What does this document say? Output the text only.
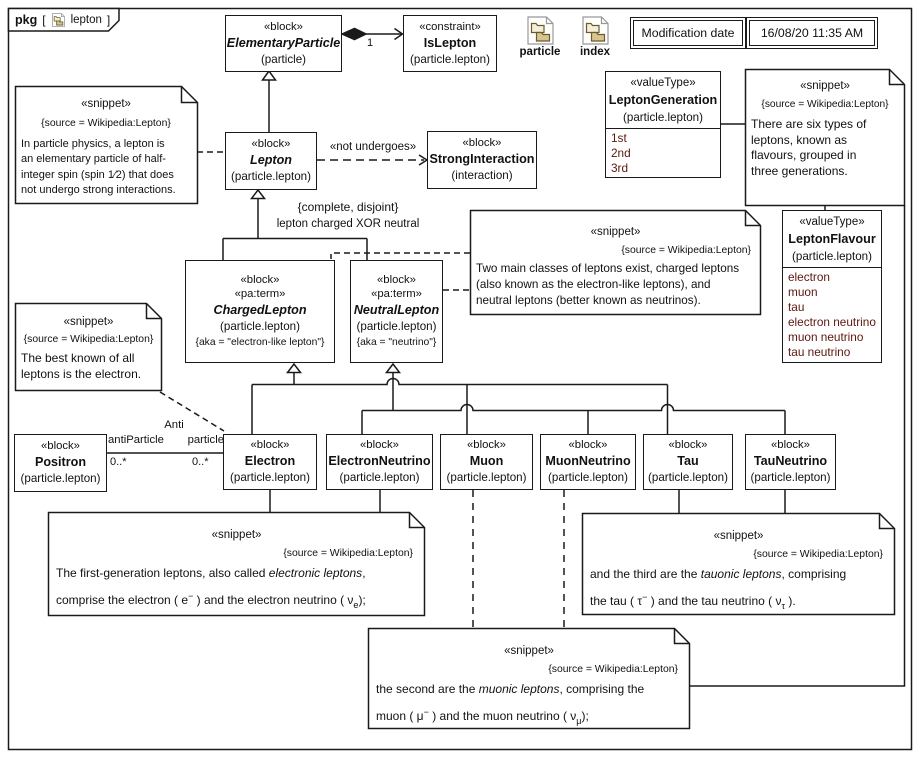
pkg [ lepton ]
particle	index
Modification date	16/08/20 11:35 AM
«block»
ElementaryParticle
(particle)
«constraint»
IsLepton
(particle.lepton)
«block»
Lepton
(particle.lepton)
«block»
StrongInteraction
(interaction)
«block»
«pa:term»
ChargedLepton
(particle.lepton)
{aka = "electron-like lepton"}
«block»
«pa:term»
NeutralLepton
(particle.lepton)
{aka = "neutrino"}
«block»
Positron
(particle.lepton)
«block»
Electron
(particle.lepton)
«block»
ElectronNeutrino
(particle.lepton)
«block»
Muon
(particle.lepton)
«block»
MuonNeutrino
(particle.lepton)
«block»
Tau
(particle.lepton)
«block»
TauNeutrino
(particle.lepton)
«valueType»
LeptonGeneration
(particle.lepton)
1st
2nd
3rd
«valueType»
LeptonFlavour
(particle.lepton)
electron
muon
tau
electron neutrino
muon neutrino
tau neutrino
«snippet»
{source = Wikipedia:Lepton}
In particle physics, a lepton is
an elementary particle of half-
integer spin (spin 1⁄2) that does
not undergo strong interactions.
«snippet»
{source = Wikipedia:Lepton}
There are six types of
leptons, known as
flavours, grouped in
three generations.
«snippet»
{source = Wikipedia:Lepton}
Two main classes of leptons exist, charged leptons
(also known as the electron-like leptons), and
neutral leptons (better known as neutrinos).
«snippet»
{source = Wikipedia:Lepton}
The best known of all
leptons is the electron.
«snippet»
{source = Wikipedia:Lepton}
The first-generation leptons, also called electronic leptons,
comprise the electron ( e− ) and the electron neutrino ( $\nu_e$);
«snippet»
{source = Wikipedia:Lepton}
and the third are the tauonic leptons, comprising
the tau ( τ− ) and the tau neutrino ( $\nu_\tau$ ).
«snippet»
{source = Wikipedia:Lepton}
the second are the muonic leptons, comprising the
muon ( μ− ) and the muon neutrino ( $\nu_\mu$);
1
«not undergoes»
{complete, disjoint}
lepton charged XOR neutral
Anti
antiParticle	particle
0..*	0..*
